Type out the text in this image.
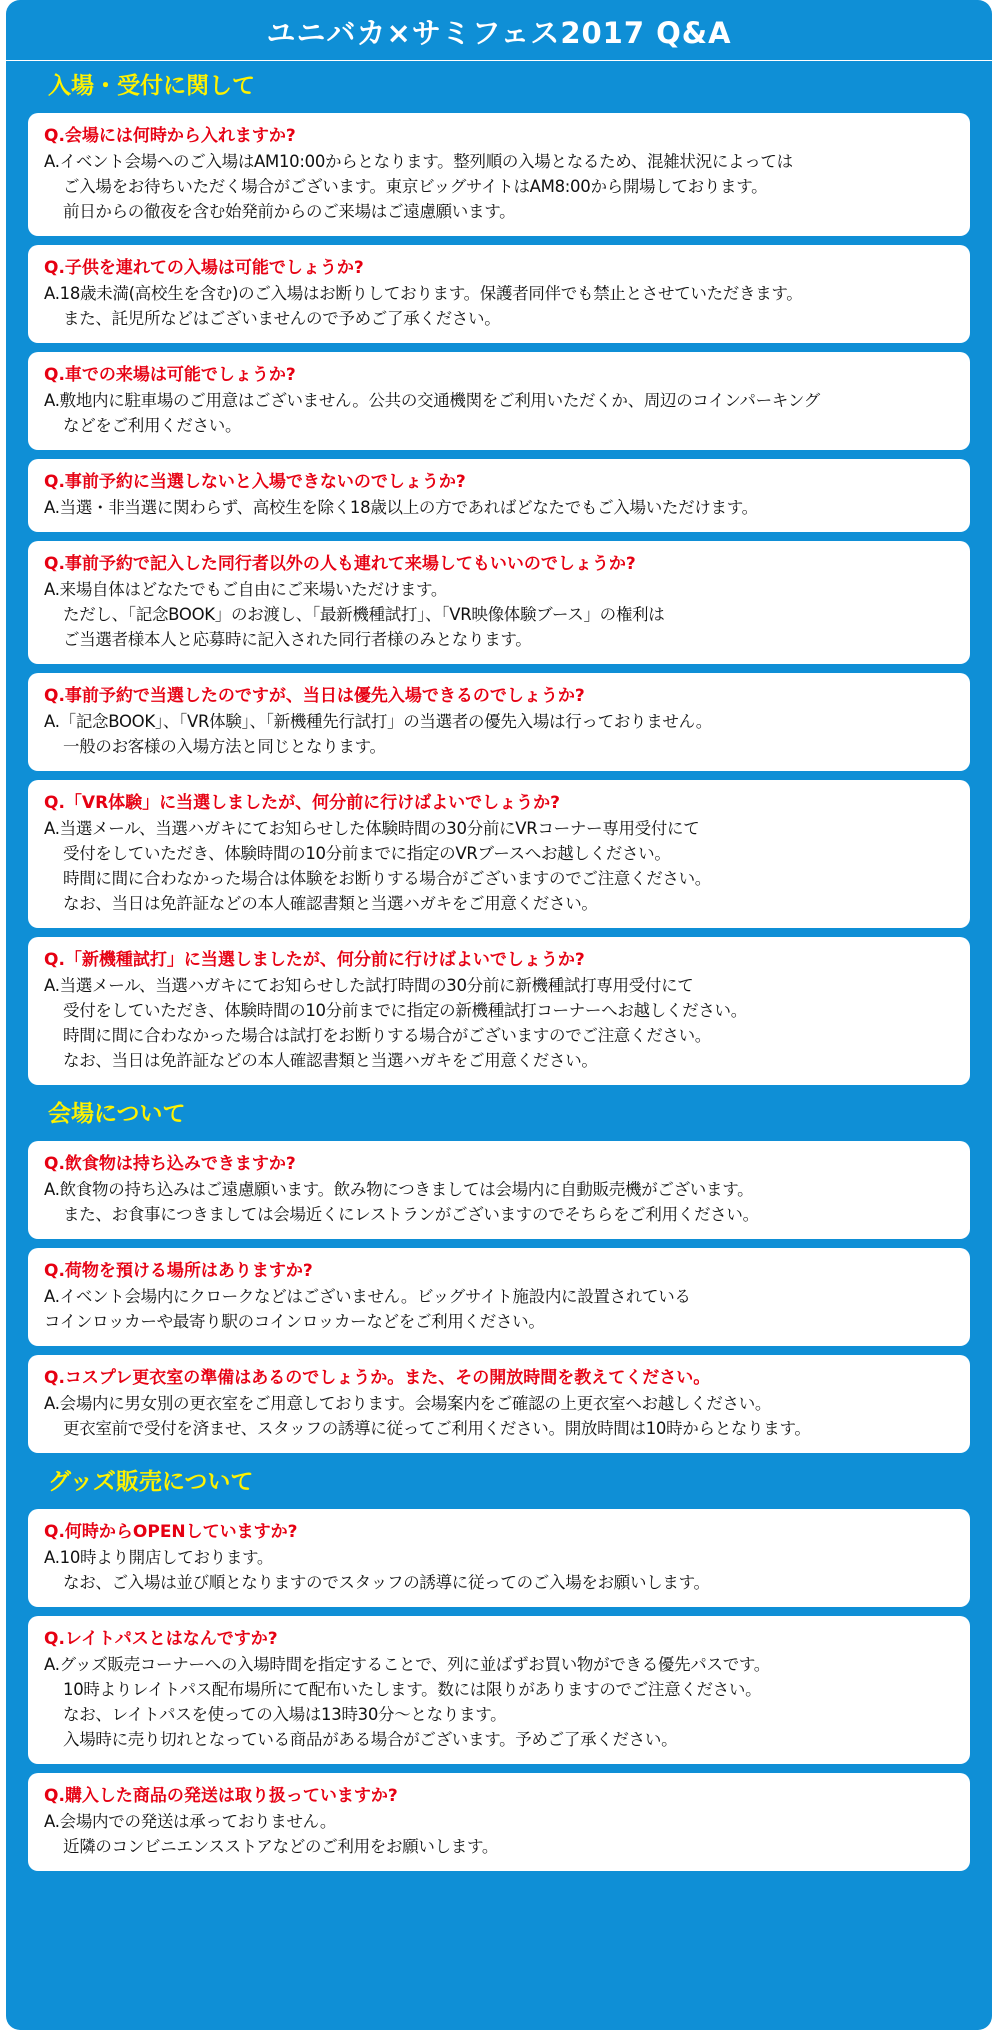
ユニバカ×サミフェス2017 Q&A
入場・受付に関して
Q.会場には何時から入れますか?
A.イベント会場へのご入場はAM10:00からとなります。整列順の入場となるため、混雑状況によっては
ご入場をお待ちいただく場合がございます。東京ビッグサイトはAM8:00から開場しております。
前日からの徹夜を含む始発前からのご来場はご遠慮願います。
Q.子供を連れての入場は可能でしょうか?
A.18歳未満(高校生を含む)のご入場はお断りしております。保護者同伴でも禁止とさせていただきます。
また、託児所などはございませんので予めご了承ください。
Q.車での来場は可能でしょうか?
A.敷地内に駐車場のご用意はございません。公共の交通機関をご利用いただくか、周辺のコインパーキング
などをご利用ください。
Q.事前予約に当選しないと入場できないのでしょうか?
A.当選・非当選に関わらず、高校生を除く18歳以上の方であればどなたでもご入場いただけます。
Q.事前予約で記入した同行者以外の人も連れて来場してもいいのでしょうか?
A.来場自体はどなたでもご自由にご来場いただけます。
ただし、「記念BOOK」のお渡し、「最新機種試打」、「VR映像体験ブース」の権利は
ご当選者様本人と応募時に記入された同行者様のみとなります。
Q.事前予約で当選したのですが、当日は優先入場できるのでしょうか?
A.「記念BOOK」、「VR体験」、「新機種先行試打」の当選者の優先入場は行っておりません。
一般のお客様の入場方法と同じとなります。
Q.「VR体験」に当選しましたが、何分前に行けばよいでしょうか?
A.当選メール、当選ハガキにてお知らせした体験時間の30分前にVRコーナー専用受付にて
受付をしていただき、体験時間の10分前までに指定のVRブースへお越しください。
時間に間に合わなかった場合は体験をお断りする場合がございますのでご注意ください。
なお、当日は免許証などの本人確認書類と当選ハガキをご用意ください。
Q.「新機種試打」に当選しましたが、何分前に行けばよいでしょうか?
A.当選メール、当選ハガキにてお知らせした試打時間の30分前に新機種試打専用受付にて
受付をしていただき、体験時間の10分前までに指定の新機種試打コーナーへお越しください。
時間に間に合わなかった場合は試打をお断りする場合がございますのでご注意ください。
なお、当日は免許証などの本人確認書類と当選ハガキをご用意ください。
会場について
Q.飲食物は持ち込みできますか?
A.飲食物の持ち込みはご遠慮願います。飲み物につきましては会場内に自動販売機がございます。
また、お食事につきましては会場近くにレストランがございますのでそちらをご利用ください。
Q.荷物を預ける場所はありますか?
A.イベント会場内にクロークなどはございません。ビッグサイト施設内に設置されている
コインロッカーや最寄り駅のコインロッカーなどをご利用ください。
Q.コスプレ更衣室の準備はあるのでしょうか。また、その開放時間を教えてください。
A.会場内に男女別の更衣室をご用意しております。会場案内をご確認の上更衣室へお越しください。
更衣室前で受付を済ませ、スタッフの誘導に従ってご利用ください。開放時間は10時からとなります。
グッズ販売について
Q.何時からOPENしていますか?
A.10時より開店しております。
なお、ご入場は並び順となりますのでスタッフの誘導に従ってのご入場をお願いします。
Q.レイトパスとはなんですか?
A.グッズ販売コーナーへの入場時間を指定することで、列に並ばずお買い物ができる優先パスです。
10時よりレイトパス配布場所にて配布いたします。数には限りがありますのでご注意ください。
なお、レイトパスを使っての入場は13時30分～となります。
入場時に売り切れとなっている商品がある場合がございます。予めご了承ください。
Q.購入した商品の発送は取り扱っていますか?
A.会場内での発送は承っておりません。
近隣のコンビニエンスストアなどのご利用をお願いします。
